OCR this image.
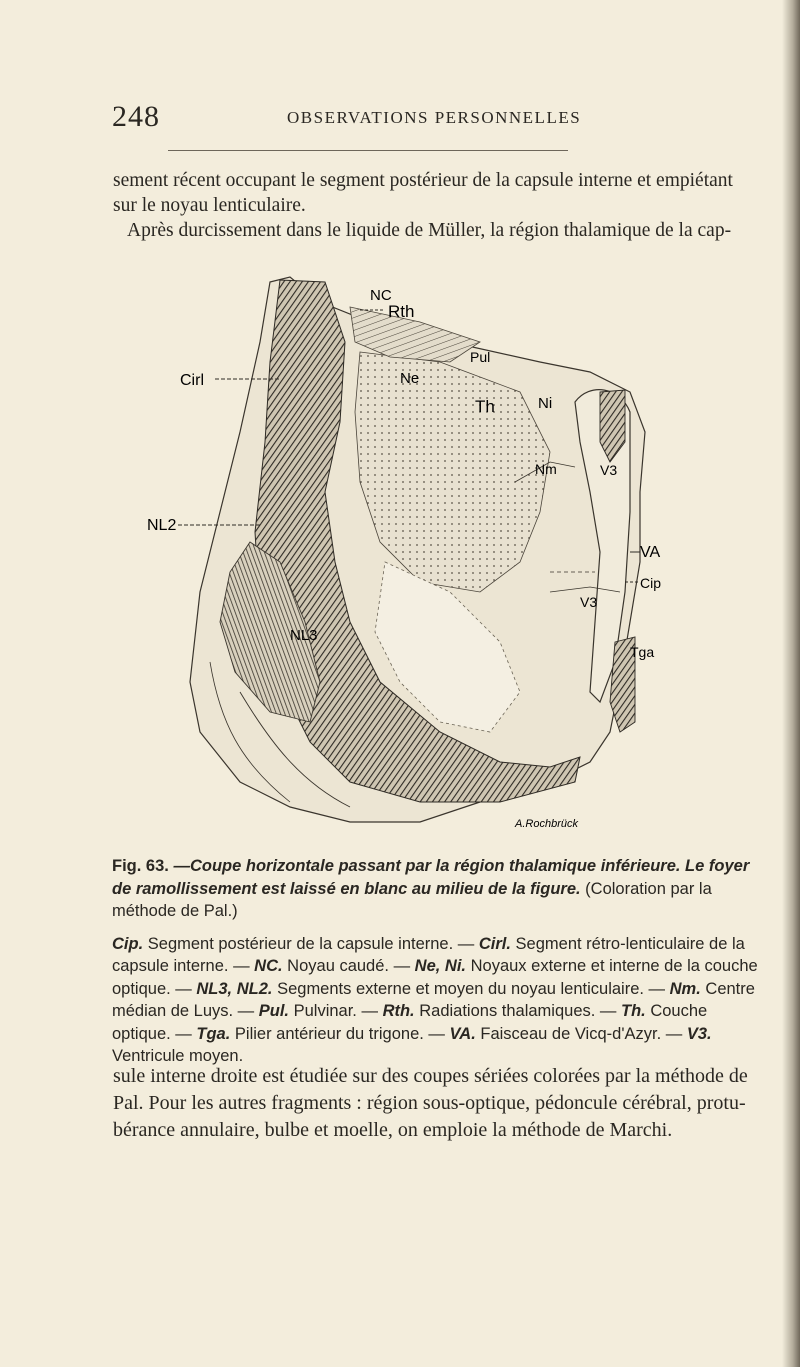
248	OBSERVATIONS PERSONNELLES

sement récent occupant le segment postérieur de la capsule interne et empiétant
sur le noyau lenticulaire.
Après durcissement dans le liquide de Müller, la région thalamique de la cap-

NC
Rth
Pul
Cirl	Ne
Th	Ni
Nm	V3
NL2
VA
Cip
V3
Tga
NL3
A.Rochbrück

Fig. 63. —Coupe horizontale passant par la région thalamique inférieure. Le foyer de ramollissement est laissé en blanc au milieu de la figure. (Coloration par la méthode de Pal.)

Cip. Segment postérieur de la capsule interne. — Cirl. Segment rétro-lenticulaire de la capsule interne. — NC. Noyau caudé. — Ne, Ni. Noyaux externe et interne de la couche optique. — NL3, NL2. Segments externe et moyen du noyau lenticulaire. — Nm. Centre médian de Luys. — Pul. Pulvinar. — Rth. Radiations thalamiques. — Th. Couche optique. — Tga. Pilier antérieur du trigone. — VA. Faisceau de Vicq-d'Azyr. — V3. Ventricule moyen.

sule interne droite est étudiée sur des coupes sériées colorées par la méthode de
Pal. Pour les autres fragments : région sous-optique, pédoncule cérébral, protu-
bérance annulaire, bulbe et moelle, on emploie la méthode de Marchi.
